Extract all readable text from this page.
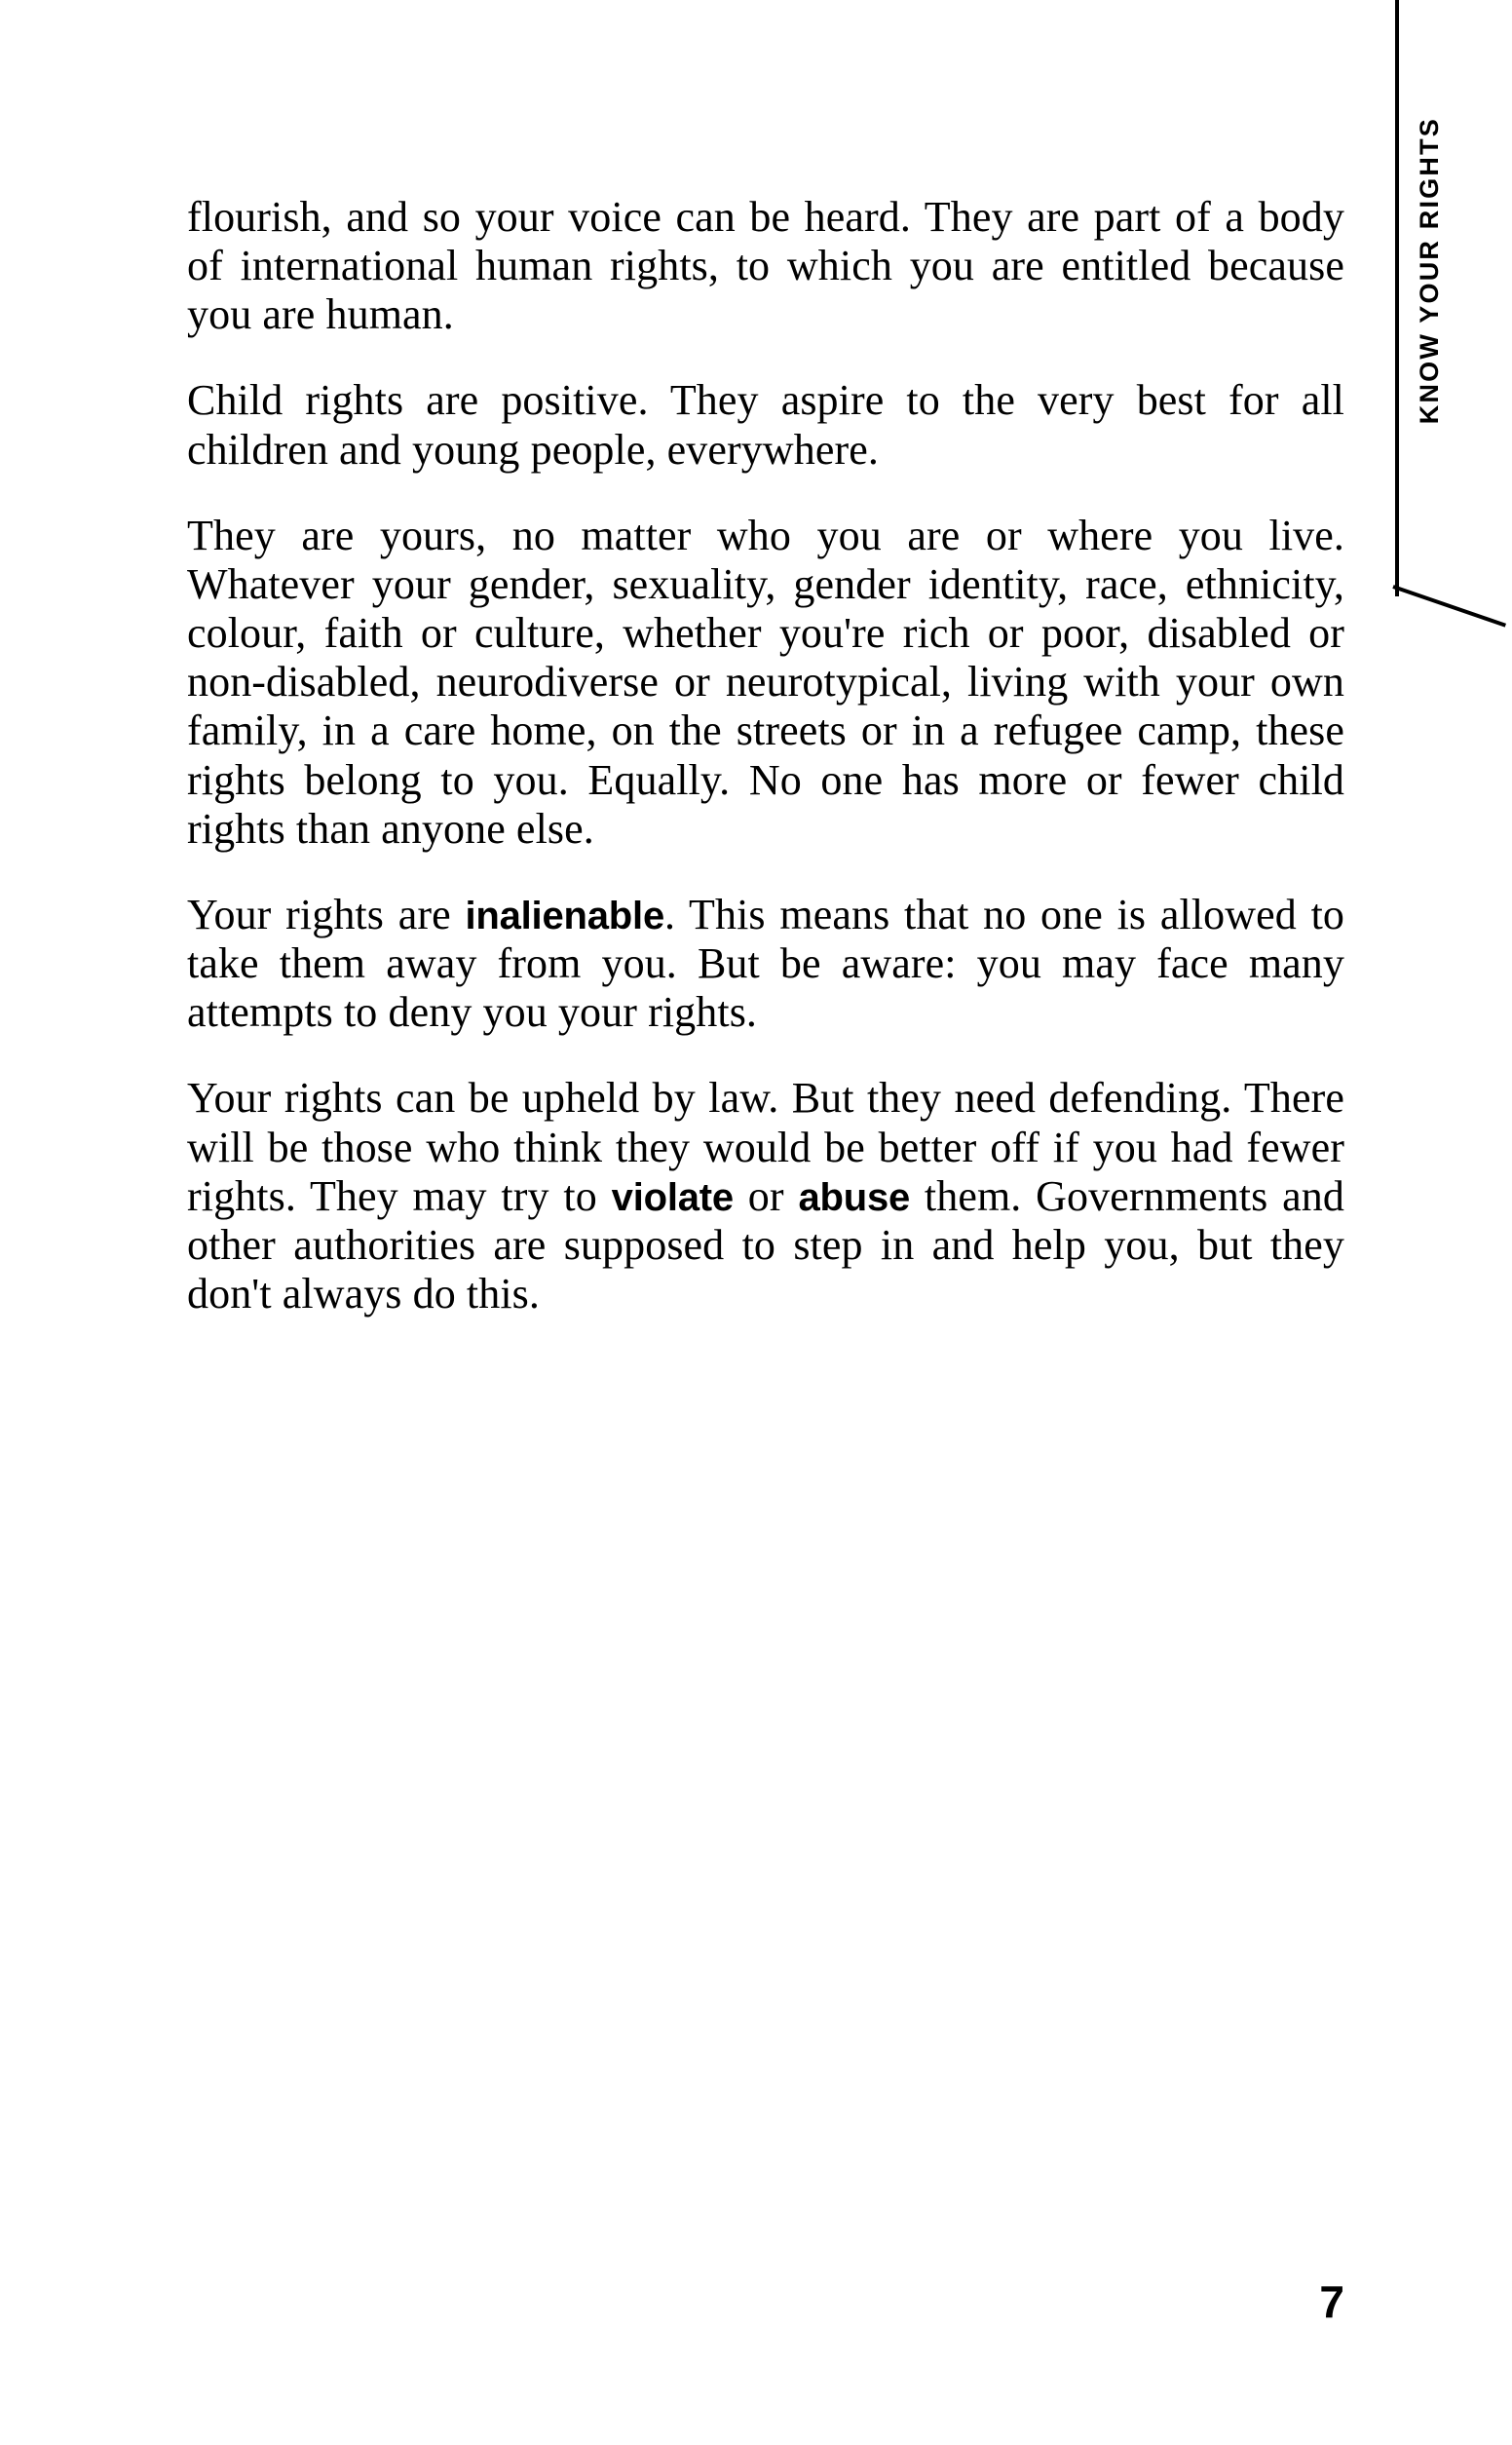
KNOW YOUR RIGHTS

flourish, and so your voice can be heard. They are part of a body of international human rights, to which you are entitled because you are human.

Child rights are positive. They aspire to the very best for all children and young people, everywhere.

They are yours, no matter who you are or where you live. Whatever your gender, sexuality, gender identity, race, ethnicity, colour, faith or culture, whether you're rich or poor, disabled or non-disabled, neurodiverse or neurotypical, living with your own family, in a care home, on the streets or in a refugee camp, these rights belong to you. Equally. No one has more or fewer child rights than anyone else.

Your rights are inalienable. This means that no one is allowed to take them away from you. But be aware: you may face many attempts to deny you your rights.

Your rights can be upheld by law. But they need defending. There will be those who think they would be better off if you had fewer rights. They may try to violate or abuse them. Governments and other authorities are supposed to step in and help you, but they don't always do this.

7
